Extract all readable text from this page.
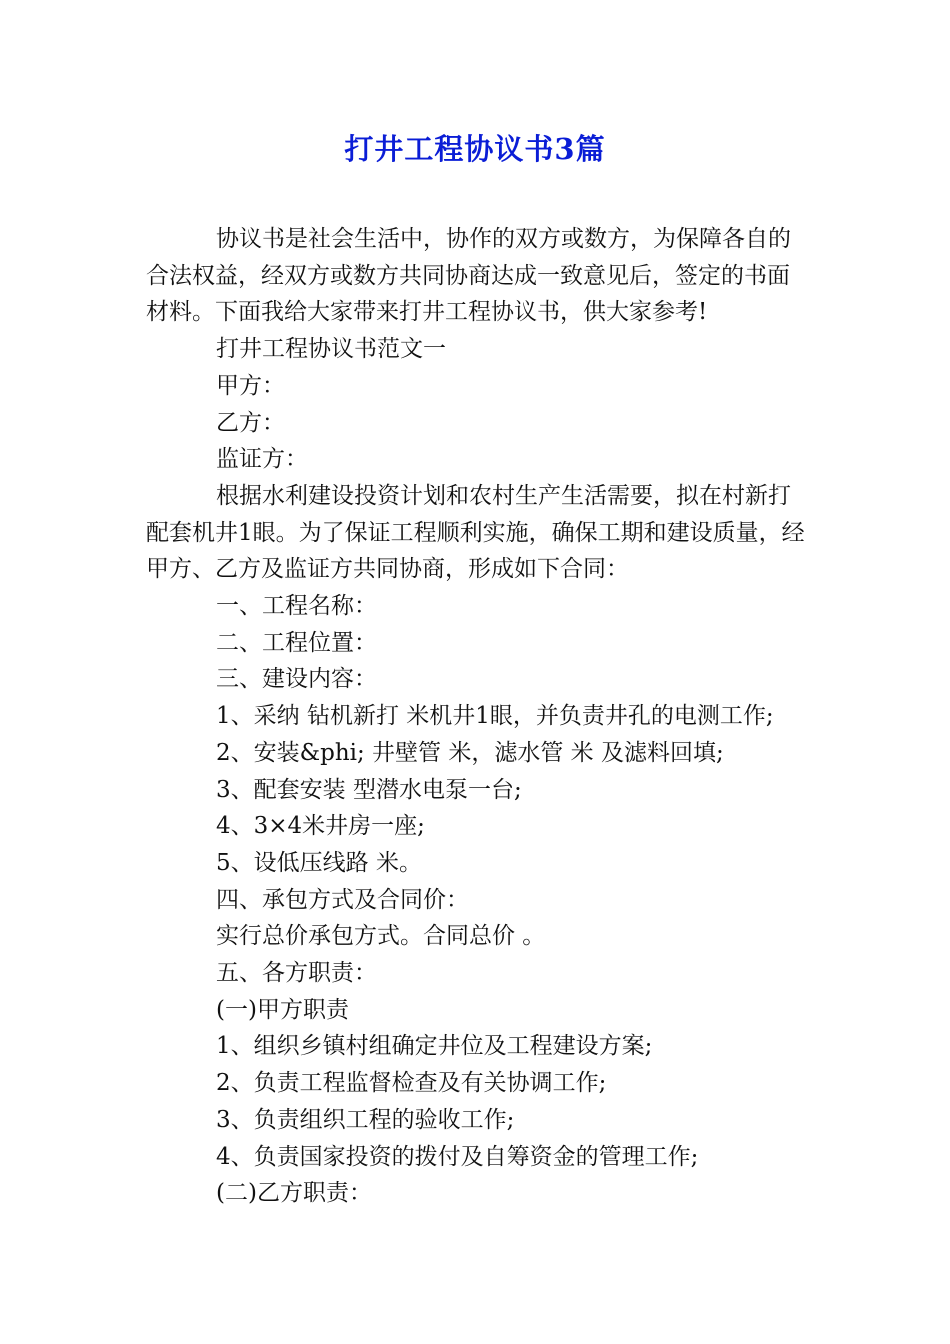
打井工程协议书3篇

协议书是社会生活中，协作的双方或数方，为保障各自的合法权益，经双方或数方共同协商达成一致意见后，签定的书面材料。下面我给大家带来打井工程协议书，供大家参考!

打井工程协议书范文一

甲方：

乙方：

监证方：

根据水利建设投资计划和农村生产生活需要，拟在村新打配套机井1眼。为了保证工程顺利实施，确保工期和建设质量，经甲方、乙方及监证方共同协商，形成如下合同：

一、工程名称：

二、工程位置：

三、建设内容：

1、采纳 钻机新打 米机井1眼，并负责井孔的电测工作;

2、安装&phi; 井壁管 米，滤水管 米 及滤料回填;

3、配套安装 型潜水电泵一台;

4、3×4米井房一座;

5、设低压线路 米。

四、承包方式及合同价：

实行总价承包方式。合同总价 。

五、各方职责：

(一)甲方职责

1、组织乡镇村组确定井位及工程建设方案;

2、负责工程监督检查及有关协调工作;

3、负责组织工程的验收工作;

4、负责国家投资的拨付及自筹资金的管理工作;

(二)乙方职责：
